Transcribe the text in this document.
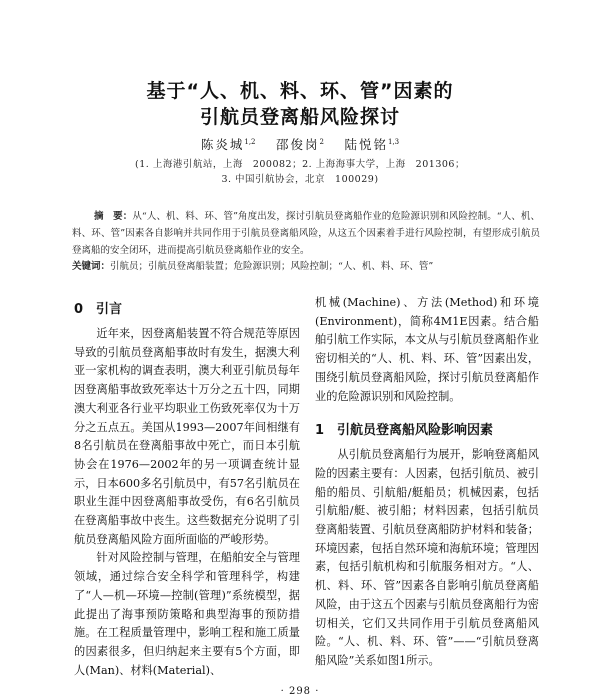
基于“人、机、料、环、管”因素的
引航员登离船风险探讨
陈炎城$^{1,2}$　 邵俊岗$^2$　 陆悦铭$^{1,3}$
(1. 上海港引航站，上海　200082；2. 上海海事大学，上海　201306；
3. 中国引航协会，北京　100029)

摘　要：从“人、机、料、环、管”角度出发，探讨引航员登离船作业的危险源识别和风险控制。“人、机、料、环、管”因素各自影响并共同作用于引航员登离船风险，从这五个因素着手进行风险控制，有望形成引航员登离船的安全闭环，进而提高引航员登离船作业的安全。

关键词：引航员；引航员登离船装置；危险源识别；风险控制；“人、机、料、环、管”

0　引言

近年来，因登离船装置不符合规范等原因导致的引航员登离船事故时有发生，据澳大利亚一家机构的调查表明，澳大利亚引航员每年因登离船事故致死率达十万分之五十四，同期澳大利亚各行业平均职业工伤致死率仅为十万分之五点五。美国从1993—2007年间相继有8名引航员在登离船事故中死亡，而日本引航协会在1976—2002年的另一项调查统计显示，日本600多名引航员中，有57名引航员在职业生涯中因登离船事故受伤，有6名引航员在登离船事故中丧生。这些数据充分说明了引航员登离船风险方面所面临的严峻形势。

针对风险控制与管理，在船舶安全与管理领域，通过综合安全科学和管理科学，构建了“人—机—环境—控制(管理)”系统模型，据此提出了海事预防策略和典型海事的预防措施。在工程质量管理中，影响工程和施工质量的因素很多，但归纳起来主要有5个方面，即人(Man)、材料(Material)、

机械(Machine)、方法(Method)和环境(Environment)，简称4M1E因素。结合船舶引航工作实际，本文从与引航员登离船作业密切相关的“人、机、料、环、管”因素出发，围绕引航员登离船风险，探讨引航员登离船作业的危险源识别和风险控制。

1　引航员登离船风险影响因素

从引航员登离船行为展开，影响登离船风险的因素主要有：人因素，包括引航员、被引船的船员、引航船/艇船员；机械因素，包括引航船/艇、被引船；材料因素，包括引航员登离船装置、引航员登离船防护材料和装备；环境因素，包括自然环境和海航环境；管理因素，包括引航机构和引航服务相对方。“人、机、料、环、管”因素各自影响引航员登离船风险，由于这五个因素与引航员登离船行为密切相关，它们又共同作用于引航员登离船风险。“人、机、料、环、管”——“引航员登离船风险”关系如图1所示。

· 298 ·
